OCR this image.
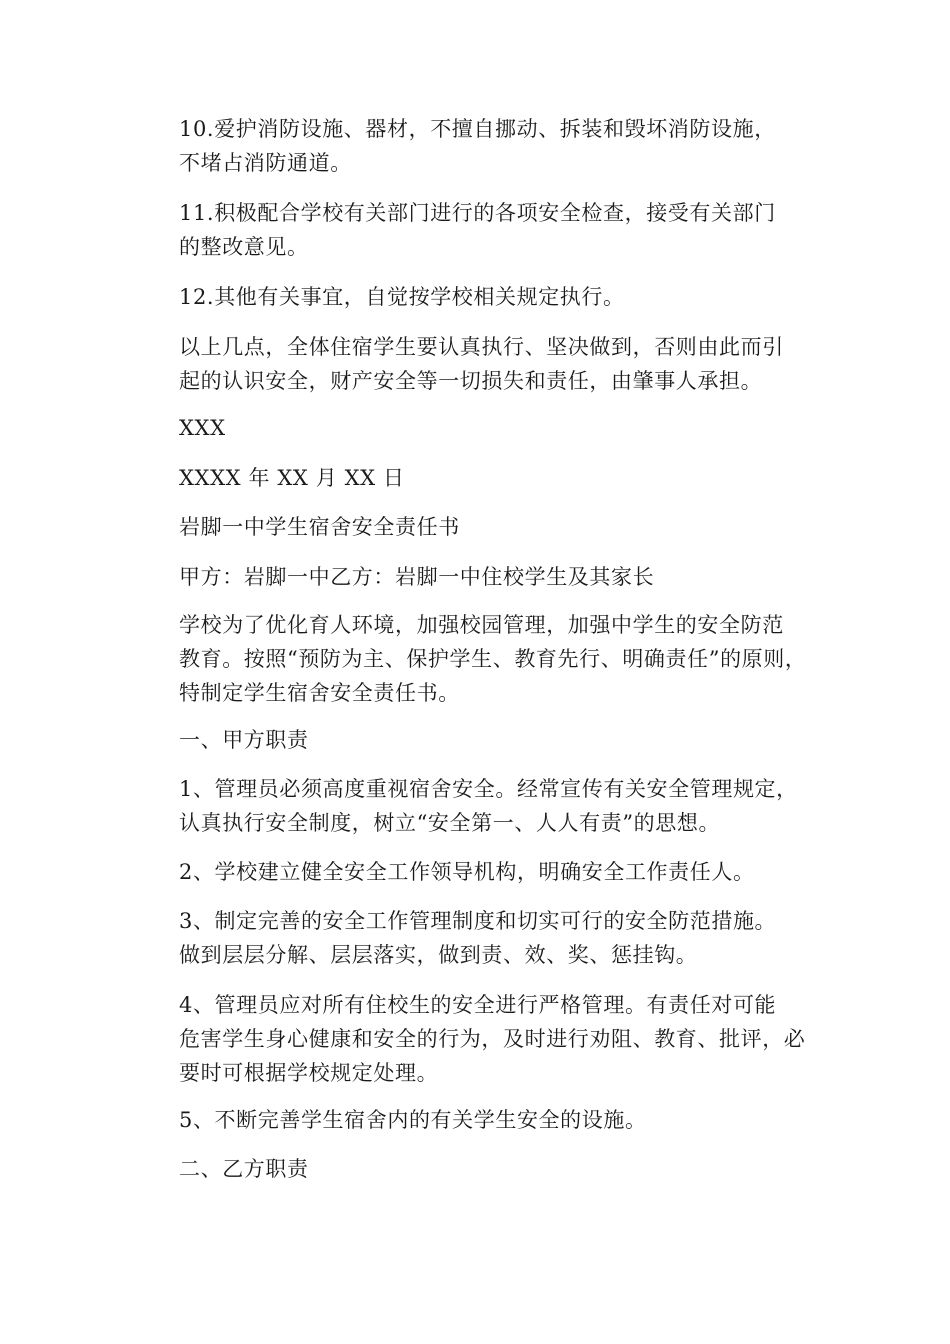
10.爱护消防设施、器材，不擅自挪动、拆装和毁坏消防设施，
不堵占消防通道。

11.积极配合学校有关部门进行的各项安全检查，接受有关部门
的整改意见。

12.其他有关事宜，自觉按学校相关规定执行。

以上几点，全体住宿学生要认真执行、坚决做到，否则由此而引
起的认识安全，财产安全等一切损失和责任，由肇事人承担。

XXX

XXXX 年 XX 月 XX 日

岩脚一中学生宿舍安全责任书

甲方：岩脚一中乙方：岩脚一中住校学生及其家长

学校为了优化育人环境，加强校园管理，加强中学生的安全防范
教育。按照“预防为主、保护学生、教育先行、明确责任”的原则，
特制定学生宿舍安全责任书。

一、甲方职责

1、管理员必须高度重视宿舍安全。经常宣传有关安全管理规定，
认真执行安全制度，树立“安全第一、人人有责”的思想。

2、学校建立健全安全工作领导机构，明确安全工作责任人。

3、制定完善的安全工作管理制度和切实可行的安全防范措施。
做到层层分解、层层落实，做到责、效、奖、惩挂钩。

4、管理员应对所有住校生的安全进行严格管理。有责任对可能
危害学生身心健康和安全的行为，及时进行劝阻、教育、批评，必
要时可根据学校规定处理。

5、不断完善学生宿舍内的有关学生安全的设施。

二、乙方职责
